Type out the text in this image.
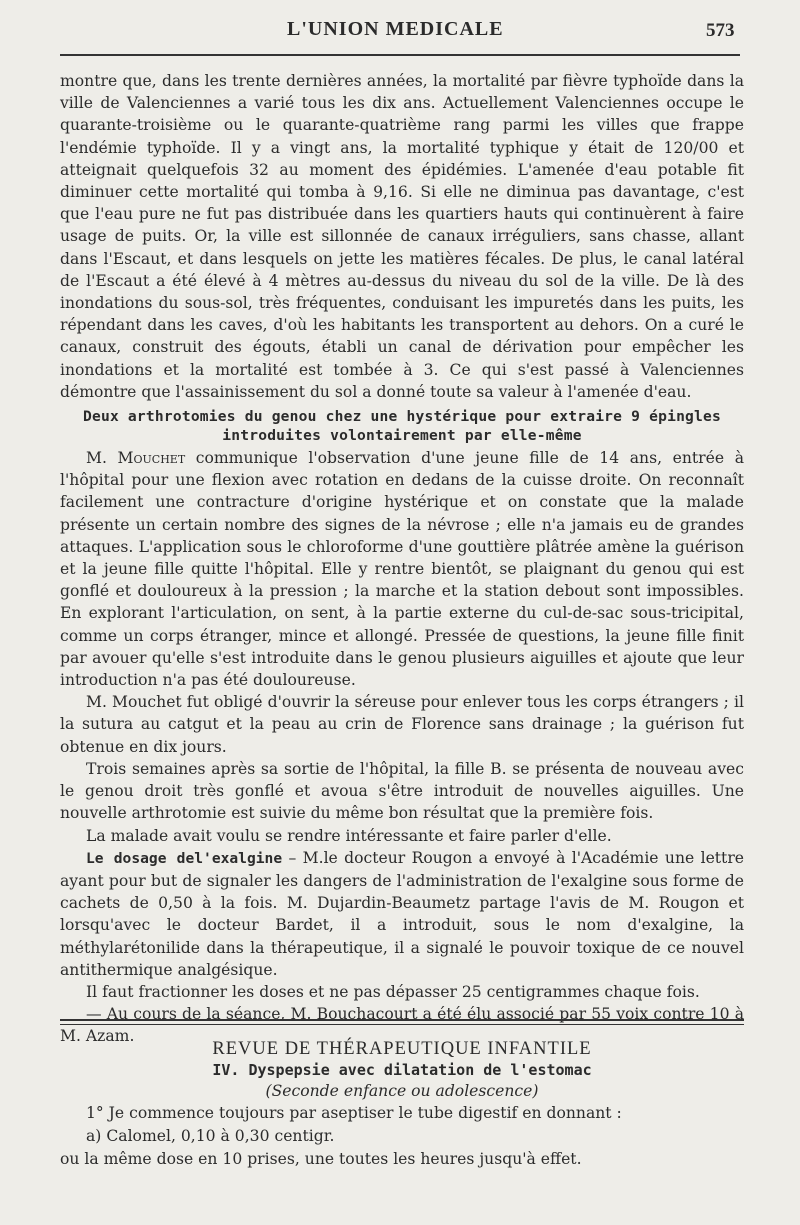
L'UNION MEDICALE	573

montre que, dans les trente dernières années, la mortalité par fièvre typhoïde dans la ville de Valenciennes a varié tous les dix ans. Actuellement Valenciennes occupe le quarante-troisième ou le quarante-quatrième rang parmi les villes que frappe l'endémie typhoïde. Il y a vingt ans, la mortalité typhique y était de 120/00 et atteignait quelquefois 32 au moment des épidémies. L'amenée d'eau potable fit diminuer cette mortalité qui tomba à 9,16. Si elle ne diminua pas davantage, c'est que l'eau pure ne fut pas distribuée dans les quartiers hauts qui continuèrent à faire usage de puits. Or, la ville est sillonnée de canaux irréguliers, sans chasse, allant dans l'Escaut, et dans lesquels on jette les matières fécales. De plus, le canal latéral de l'Escaut a été élevé à 4 mètres au-dessus du niveau du sol de la ville. De là des inondations du sous-sol, très fréquentes, conduisant les impuretés dans les puits, les répendant dans les caves, d'où les habitants les transportent au dehors. On a curé le canaux, construit des égouts, établi un canal de dérivation pour empêcher les inondations et la mortalité est tombée à 3. Ce qui s'est passé à Valenciennes démontre que l'assainissement du sol a donné toute sa valeur à l'amenée d'eau.

Deux arthrotomies du genou chez une hystérique pour extraire 9 épingles introduites volontairement par elle-même

M. Mouchet communique l'observation d'une jeune fille de 14 ans, entrée à l'hôpital pour une flexion avec rotation en dedans de la cuisse droite. On reconnaît facilement une contracture d'origine hystérique et on constate que la malade présente un certain nombre des signes de la névrose ; elle n'a jamais eu de grandes attaques. L'application sous le chloroforme d'une gouttière plâtrée amène la guérison et la jeune fille quitte l'hôpital. Elle y rentre bientôt, se plaignant du genou qui est gonflé et douloureux à la pression ; la marche et la station debout sont impossibles. En explorant l'articulation, on sent, à la partie externe du cul-de-sac sous-tricipital, comme un corps étranger, mince et allongé. Pressée de questions, la jeune fille finit par avouer qu'elle s'est introduite dans le genou plusieurs aiguilles et ajoute que leur introduction n'a pas été douloureuse.

M. Mouchet fut obligé d'ouvrir la séreuse pour enlever tous les corps étrangers ; il la sutura au catgut et la peau au crin de Florence sans drainage ; la guérison fut obtenue en dix jours.

Trois semaines après sa sortie de l'hôpital, la fille B. se présenta de nouveau avec le genou droit très gonflé et avoua s'être introduit de nouvelles aiguilles. Une nouvelle arthrotomie est suivie du même bon résultat que la première fois.

La malade avait voulu se rendre intéressante et faire parler d'elle.

Le dosage del'exalgine – M.le docteur Rougon a envoyé à l'Académie une lettre ayant pour but de signaler les dangers de l'administration de l'exalgine sous forme de cachets de 0,50 à la fois. M. Dujardin-Beaumetz partage l'avis de M. Rougon et lorsqu'avec le docteur Bardet, il a introduit, sous le nom d'exalgine, la méthylarétonilide dans la thérapeutique, il a signalé le pouvoir toxique de ce nouvel antithermique analgésique.

Il faut fractionner les doses et ne pas dépasser 25 centigrammes chaque fois.

— Au cours de la séance, M. Bouchacourt a été élu associé par 55 voix contre 10 à M. Azam.

REVUE DE THÉRAPEUTIQUE INFANTILE
IV. Dyspepsie avec dilatation de l'estomac
(Seconde enfance ou adolescence)

1° Je commence toujours par aseptiser le tube digestif en donnant :

a) Calomel, 0,10 à 0,30 centigr.

ou la même dose en 10 prises, une toutes les heures jusqu'à effet.
